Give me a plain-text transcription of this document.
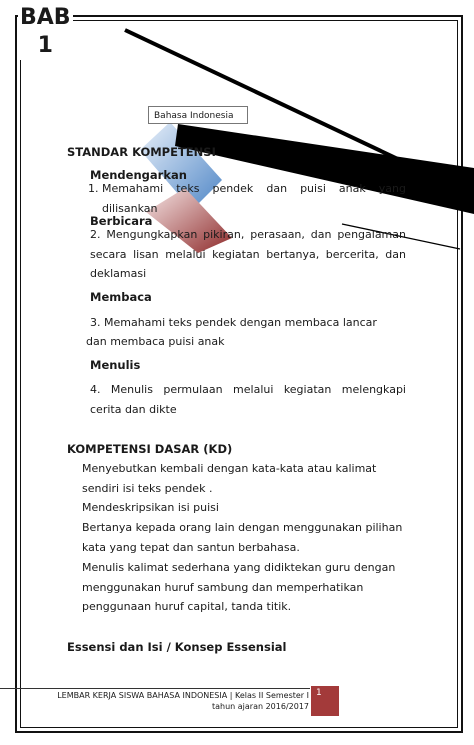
BAB
1
Bahasa Indonesia
STANDAR KOMPETENSI
Mendengarkan
1. Memahami teks pendek dan puisi anak yang dilisankan
Berbicara
2. Mengungkapkan pikiran, perasaan, dan pengalaman secara lisan melalui kegiatan bertanya, bercerita, dan deklamasi
Membaca
3. Memahami teks pendek dengan membaca lancar
dan membaca puisi anak
Menulis
4. Menulis permulaan melalui kegiatan melengkapi cerita dan dikte
KOMPETENSI DASAR (KD)
Menyebutkan kembali dengan kata-kata atau kalimat sendiri isi teks pendek .
Mendeskripsikan isi puisi
Bertanya kepada orang lain dengan menggunakan pilihan kata yang tepat dan santun berbahasa.
Menulis kalimat sederhana yang didiktekan guru dengan menggunakan huruf sambung dan memperhatikan penggunaan huruf capital, tanda titik.
Essensi dan Isi / Konsep Essensial
LEMBAR KERJA SISWA BAHASA INDONESIA | Kelas II Semester I
tahun ajaran 2016/2017
1
